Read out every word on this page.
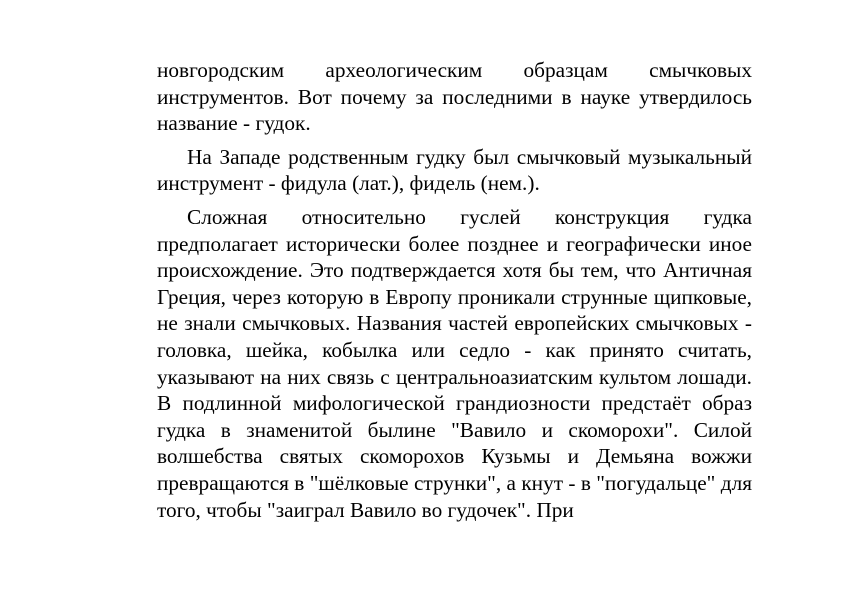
новгородским археологическим образцам смычковых инструментов. Вот почему за последними в науке утвердилось название - гудок.

На Западе родственным гудку был смычковый музыкальный инструмент - фидула (лат.), фидель (нем.).

Сложная относительно гуслей конструкция гудка предполагает исторически более позднее и географически иное происхождение. Это подтверждается хотя бы тем, что Античная Греция, через которую в Европу проникали струнные щипковые, не знали смычковых. Названия частей европейских смычковых - головка, шейка, кобылка или седло - как принято считать, указывают на них связь с центральноазиатским культом лошади. В подлинной мифологической грандиозности предстаёт образ гудка в знаменитой былине "Вавило и скоморохи". Силой волшебства святых скоморохов Кузьмы и Демьяна вожжи превращаются в "шёлковые струнки", а кнут - в "погудальце" для того, чтобы "заиграл Вавило во гудочек". При
